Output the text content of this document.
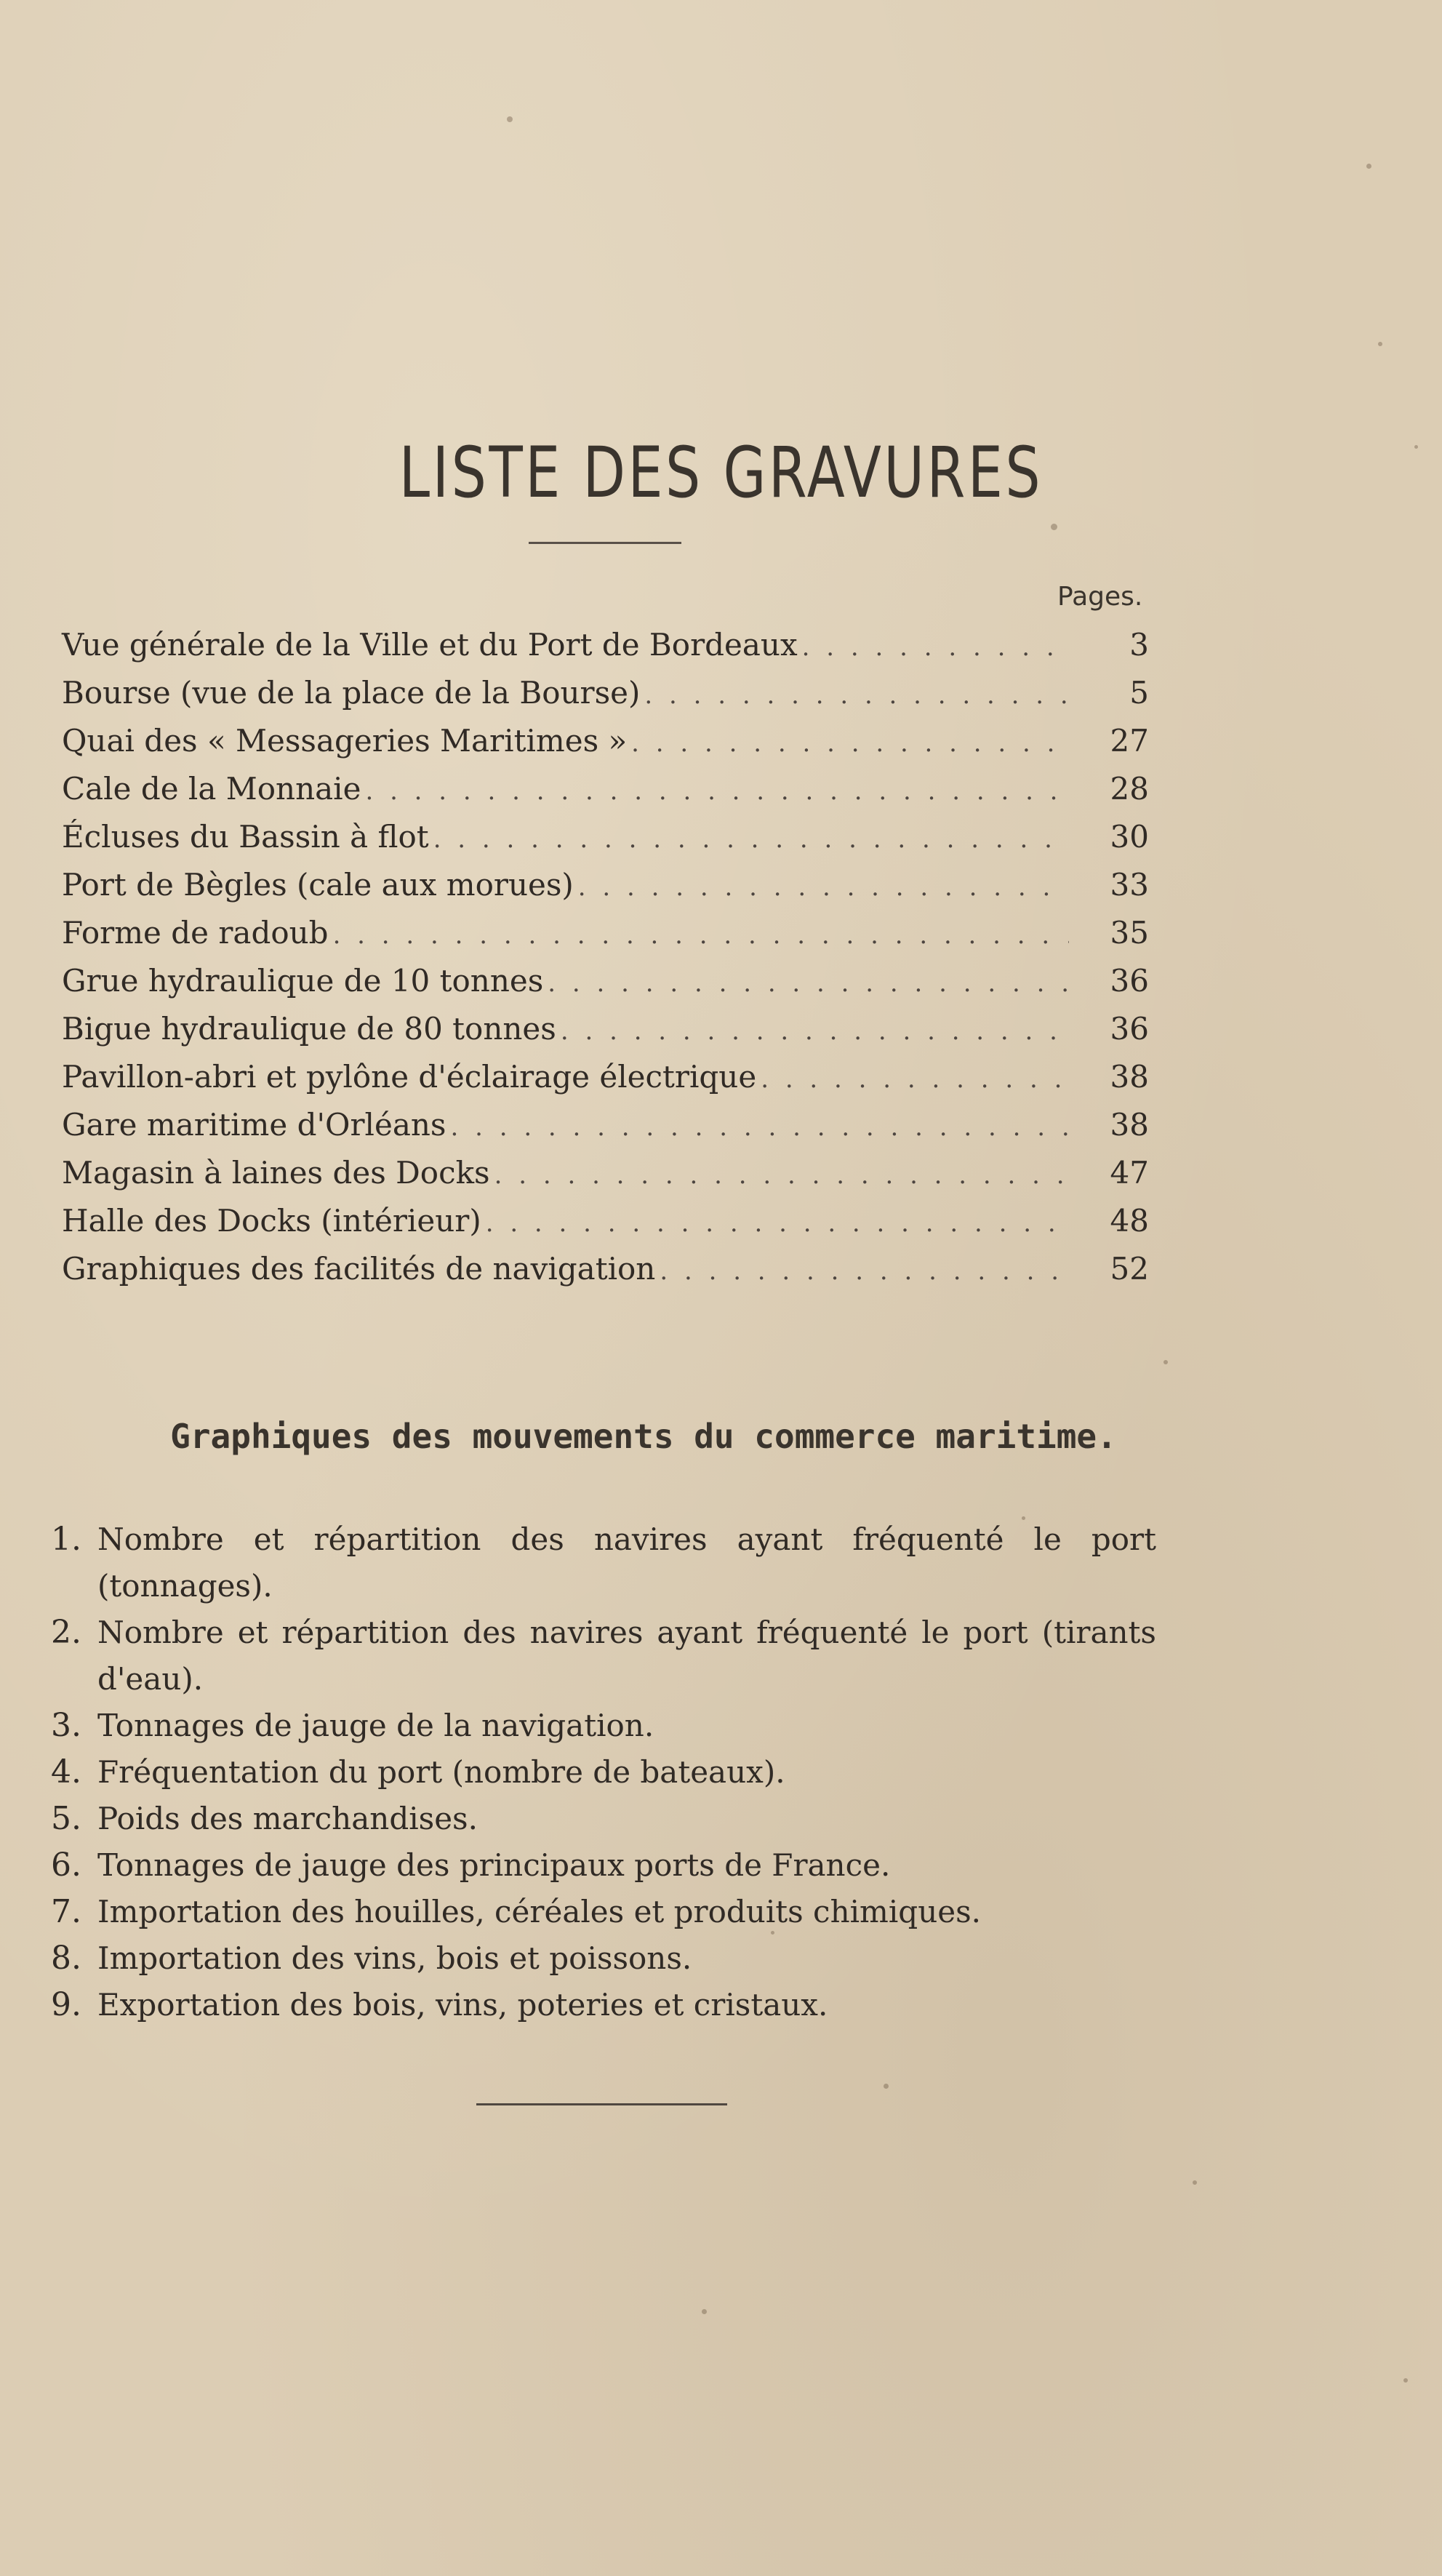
LISTE DES GRAVURES
Pages.
Vue générale de la Ville et du Port de Bordeaux . . .	3
Bourse (vue de la place de la Bourse) . . .	5
Quai des « Messageries Maritimes » . . .	27
Cale de la Monnaie . . .	28
Écluses du Bassin à flot . . .	30
Port de Bègles (cale aux morues) . . .	33
Forme de radoub . . .	35
Grue hydraulique de 10 tonnes . . .	36
Bigue hydraulique de 80 tonnes . . .	36
Pavillon-abri et pylône d'éclairage électrique . . .	38
Gare maritime d'Orléans . . .	38
Magasin à laines des Docks . . .	47
Halle des Docks (intérieur) . . .	48
Graphiques des facilités de navigation . . .	52
Graphiques des mouvements du commerce maritime.
1. Nombre et répartition des navires ayant fréquenté le port (tonnages).
2. Nombre et répartition des navires ayant fréquenté le port (tirants d'eau).
3. Tonnages de jauge de la navigation.
4. Fréquentation du port (nombre de bateaux).
5. Poids des marchandises.
6. Tonnages de jauge des principaux ports de France.
7. Importation des houilles, céréales et produits chimiques.
8. Importation des vins, bois et poissons.
9. Exportation des bois, vins, poteries et cristaux.
